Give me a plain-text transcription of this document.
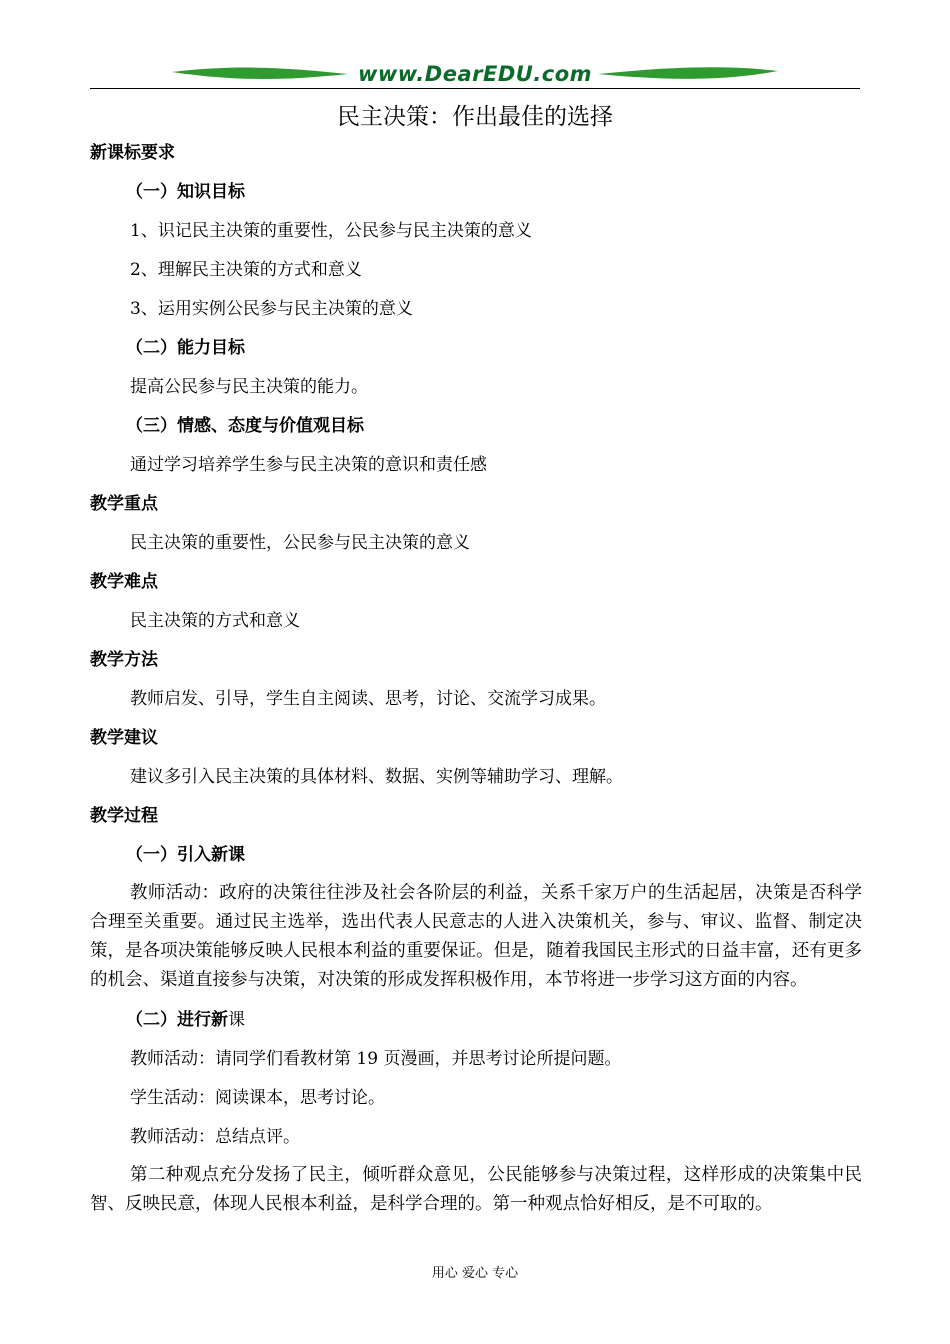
www.DearEDU.com
民主决策：作出最佳的选择
新课标要求
（一）知识目标
1、识记民主决策的重要性，公民参与民主决策的意义
2、理解民主决策的方式和意义
3、运用实例公民参与民主决策的意义
（二）能力目标
提高公民参与民主决策的能力。
（三）情感、态度与价值观目标
通过学习培养学生参与民主决策的意识和责任感
教学重点
民主决策的重要性，公民参与民主决策的意义
教学难点
民主决策的方式和意义
教学方法
教师启发、引导，学生自主阅读、思考，讨论、交流学习成果。
教学建议
建议多引入民主决策的具体材料、数据、实例等辅助学习、理解。
教学过程
（一）引入新课
教师活动：政府的决策往往涉及社会各阶层的利益，关系千家万户的生活起居，决策是否科学合理至关重要。通过民主选举，选出代表人民意志的人进入决策机关，参与、审议、监督、制定决策，是各项决策能够反映人民根本利益的重要保证。但是，随着我国民主形式的日益丰富，还有更多的机会、渠道直接参与决策，对决策的形成发挥积极作用，本节将进一步学习这方面的内容。
（二）进行新课
教师活动：请同学们看教材第 19 页漫画，并思考讨论所提问题。
学生活动：阅读课本，思考讨论。
教师活动：总结点评。
第二种观点充分发扬了民主，倾听群众意见，公民能够参与决策过程，这样形成的决策集中民智、反映民意，体现人民根本利益，是科学合理的。第一种观点恰好相反，是不可取的。
用心 爱心 专心
